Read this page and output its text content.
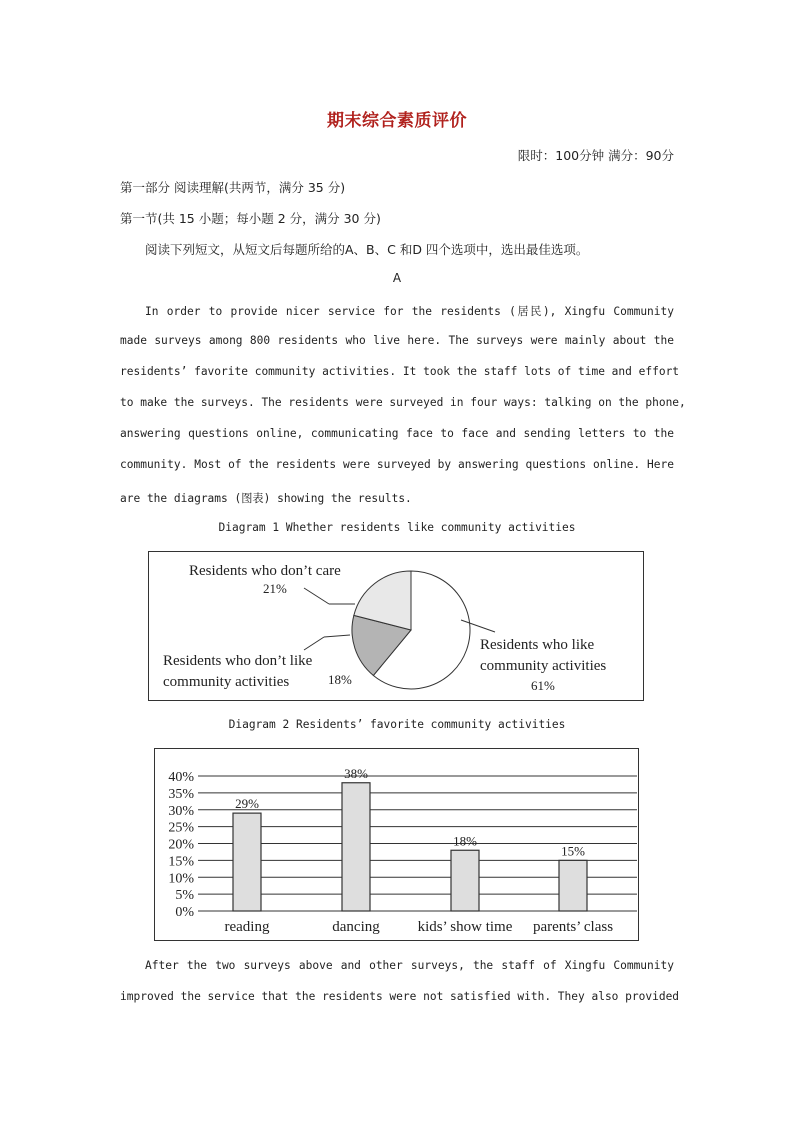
期末综合素质评价
限时：100分钟 满分：90分
第一部分 阅读理解(共两节，满分 35 分)
第一节(共 15 小题；每小题 2 分，满分 30 分)
阅读下列短文，从短文后每题所给的A、B、C 和D 四个选项中，选出最佳选项。
A
In order to provide nicer service for the residents (居民), Xingfu Community
made surveys among 800 residents who live here. The surveys were mainly about the
residents’ favorite community activities. It took the staff lots of time and effort
to make the surveys. The residents were surveyed in four ways: talking on the phone,
answering questions online, communicating face to face and sending letters to the
community. Most of the residents were surveyed by answering questions online. Here
are the diagrams (图表) showing the results.
Diagram 1 Whether residents like community activities
Residents who don’t care
21%
Residents who don’t like
community activities	18%
Residents who like
community activities
61%
Diagram 2 Residents’ favorite community activities
0%
5%
10%
15%
20%
25%
30%
35%
40%
29%
reading
38%
dancing
18%
kids’ show time
15%
parents’ class
After the two surveys above and other surveys, the staff of Xingfu Community
improved the service that the residents were not satisfied with. They also provided
